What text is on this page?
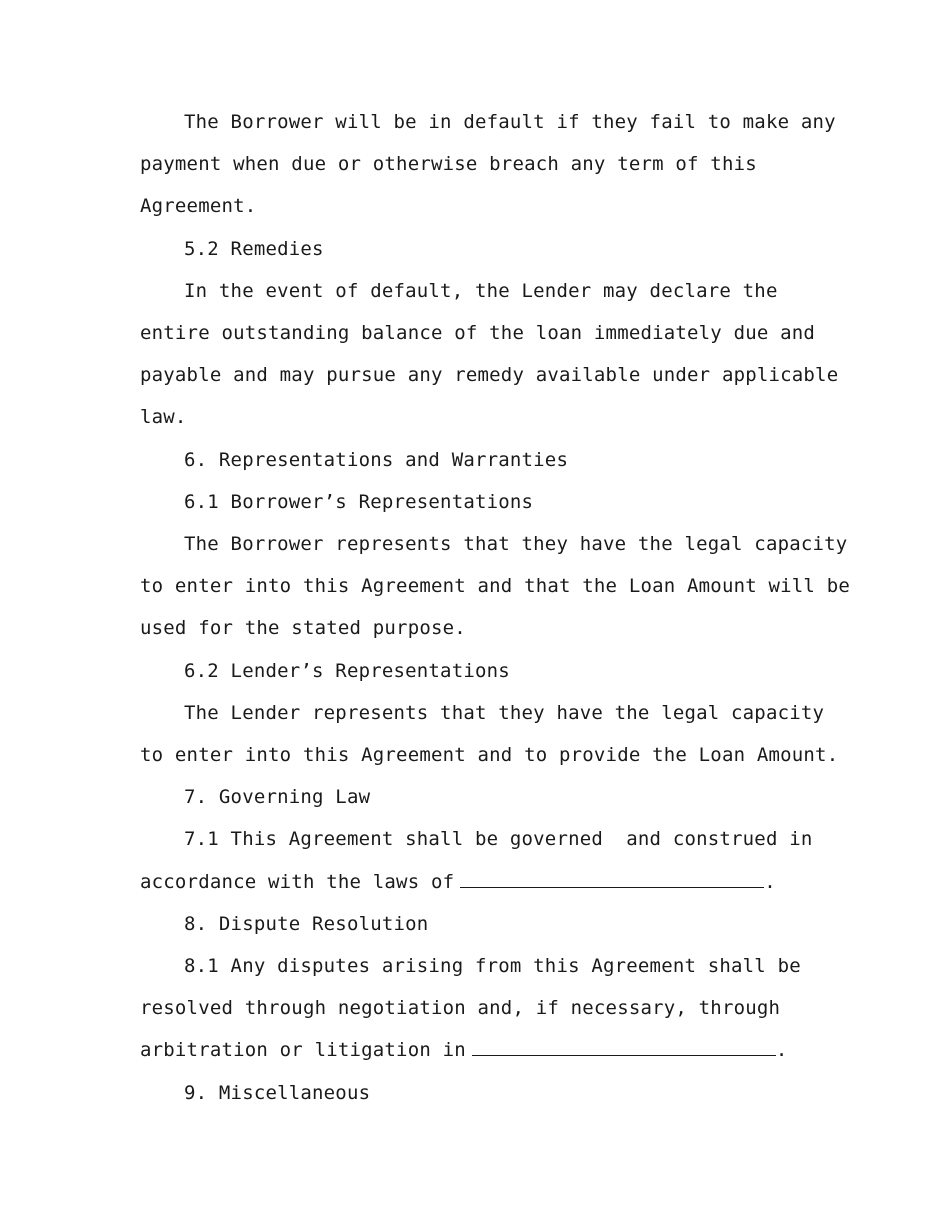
The Borrower will be in default if they fail to make any

payment when due or otherwise breach any term of this

Agreement.

5.2 Remedies

In the event of default, the Lender may declare the

entire outstanding balance of the loan immediately due and

payable and may pursue any remedy available under applicable

law.

6. Representations and Warranties

6.1 Borrower’s Representations

The Borrower represents that they have the legal capacity

to enter into this Agreement and that the Loan Amount will be

used for the stated purpose.

6.2 Lender’s Representations

The Lender represents that they have the legal capacity

to enter into this Agreement and to provide the Loan Amount.

7. Governing Law

7.1 This Agreement shall be governed  and construed in

accordance with the laws of	.

8. Dispute Resolution

8.1 Any disputes arising from this Agreement shall be

resolved through negotiation and, if necessary, through

arbitration or litigation in	.

9. Miscellaneous
